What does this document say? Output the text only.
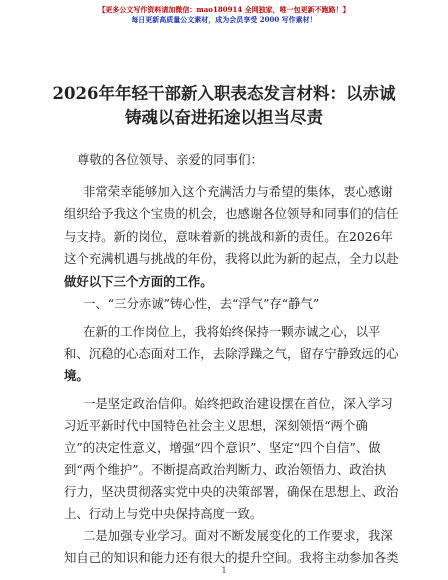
【更多公文写作资料请加微信：mao180914 全网独家，唯一包更新不跑路！】
每日更新高质量公文素材，成为会员享受 2000 写作素材！
2026年年轻干部新入职表态发言材料：以赤诚
铸魂以奋进拓途以担当尽责
尊敬的各位领导、亲爱的同事们：
非常荣幸能够加入这个充满活力与希望的集体，衷心感谢
组织给予我这个宝贵的机会，也感谢各位领导和同事们的信任
与支持。新的岗位，意味着新的挑战和新的责任。在2026年
这个充满机遇与挑战的年份，我将以此为新的起点，全力以赴
做好以下三个方面的工作。
一、“三分赤诚”铸心性，去“浮气”存“静气”
在新的工作岗位上，我将始终保持一颗赤诚之心，以平
和、沉稳的心态面对工作，去除浮躁之气，留存宁静致远的心
境。
一是坚定政治信仰。始终把政治建设摆在首位，深入学习
习近平新时代中国特色社会主义思想，深刻领悟“两个确
立”的决定性意义，增强“四个意识”、坚定“四个自信”、做
到“两个维护”。不断提高政治判断力、政治领悟力、政治执
行力，坚决贯彻落实党中央的决策部署，确保在思想上、政治
上、行动上与党中央保持高度一致。
二是加强专业学习。面对不断发展变化的工作要求，我深
知自己的知识和能力还有很大的提升空间。我将主动参加各类
1
